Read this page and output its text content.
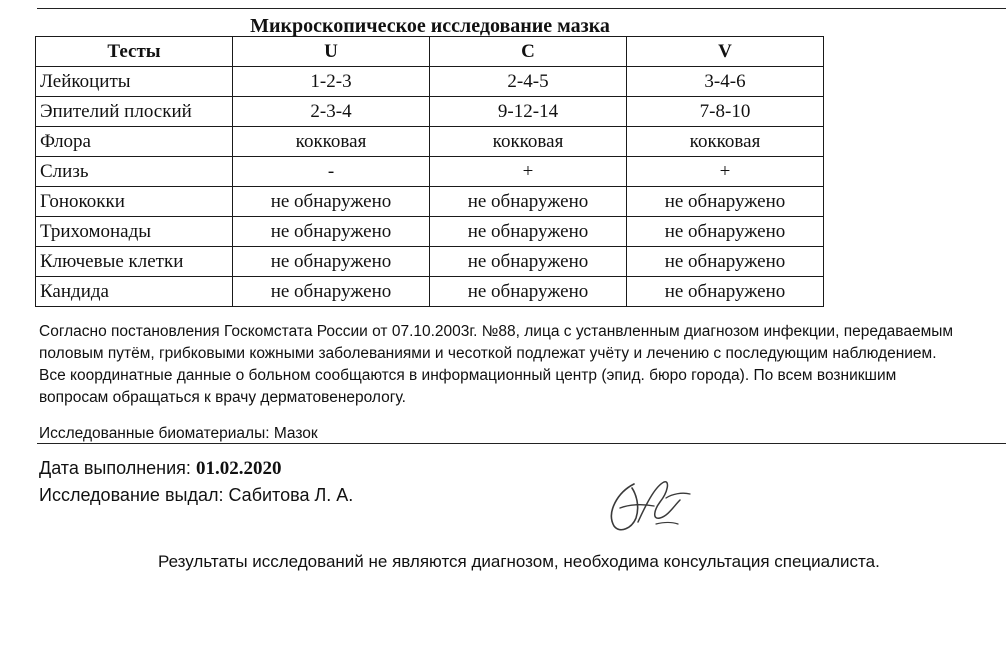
Микроскопическое исследование мазка
Тесты	U	C	V
Лейкоциты	1-2-3	2-4-5	3-4-6
Эпителий плоский	2-3-4	9-12-14	7-8-10
Флора	кокковая	кокковая	кокковая
Слизь	-	+	+
Гонококки	не обнаружено	не обнаружено	не обнаружено
Трихомонады	не обнаружено	не обнаружено	не обнаружено
Ключевые клетки	не обнаружено	не обнаружено	не обнаружено
Кандида	не обнаружено	не обнаружено	не обнаружено
Согласно постановления Госкомстата России от 07.10.2003г. №88, лица с устанвленным диагнозом инфекции, передаваемым
половым путём, грибковыми кожными заболеваниями и чесоткой подлежат учёту и лечению с последующим наблюдением.
Все координатные данные о больном сообщаются в информационный центр (эпид. бюро города). По всем возникшим
вопросам обращаться к врачу дерматовенерологу.
Исследованные биоматериалы: Мазок
Дата выполнения: 01.02.2020
Исследование выдал: Сабитова Л. А.
Результаты исследований не являются диагнозом, необходима консультация специалиста.
